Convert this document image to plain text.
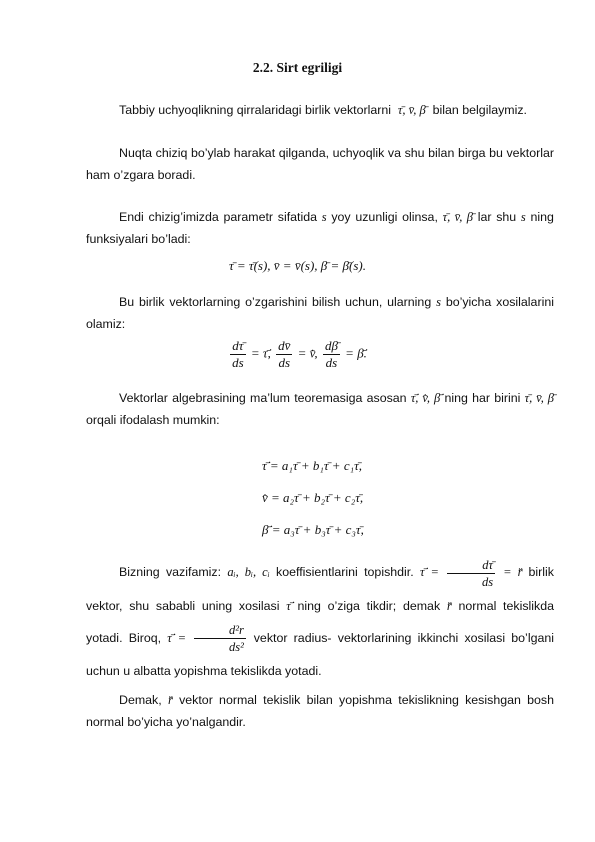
2.2. Sirt egriligi
Tabbiy uchyoqlikning qirralaridagi birlik vektorlarni τ̄, v̄, β̄ bilan belgilaymiz.
Nuqta chiziq bo’ylab harakat qilganda, uchyoqlik va shu bilan birga bu vektorlar ham o’zgara boradi.
Endi chizig’imizda parametr sifatida s yoy uzunligi olinsa, τ̄, v̄, β̄ lar shu s ning funksiyalari bo’ladi:
τ̄ = τ̄(s), v̄ = v̄(s), β̄ = β̄(s).
Bu birlik vektorlarning o’zgarishini bilish uchun, ularning s bo’yicha xosilalarini olamiz:
$\frac{d\taū}{ds}$ = τ̄̇, $\frac{dv̄}{ds}$ = v̄̇, $\frac{d\betā}{ds}$ = β̄̇.
Vektorlar algebrasining ma’lum teoremasiga asosan τ̄̇, v̄̇, β̄̇ ning har birini τ̄, v̄, β̄ orqali ifodalash mumkin:
τ̄̇ = a₁τ̄ + b₁τ̄ + c₁τ̄,
v̄̇ = a₂τ̄ + b₂τ̄ + c₂τ̄,
β̄̇ = a₃τ̄ + b₃τ̄ + c₃τ̄,
Bizning vazifamiz: aᵢ, bᵢ, cᵢ koeffisientlarini topishdir. τ̄̇ = $\frac{d\taū}{ds}$ = r̄̈ birlik vektor, shu sababli uning xosilasi τ̄̇ ning o’ziga tikdir; demak r̄̈ normal tekislikda yotadi. Biroq, τ̄̇ = $\frac{\text{d²r}}{\text{ds²}}$ vektor radius- vektorlarining ikkinchi xosilasi bo’lgani uchun u albatta yopishma tekislikda yotadi.
Demak, r̄̈ vektor normal tekislik bilan yopishma tekislikning kesishgan bosh normal bo’yicha yo’nalgandir.
